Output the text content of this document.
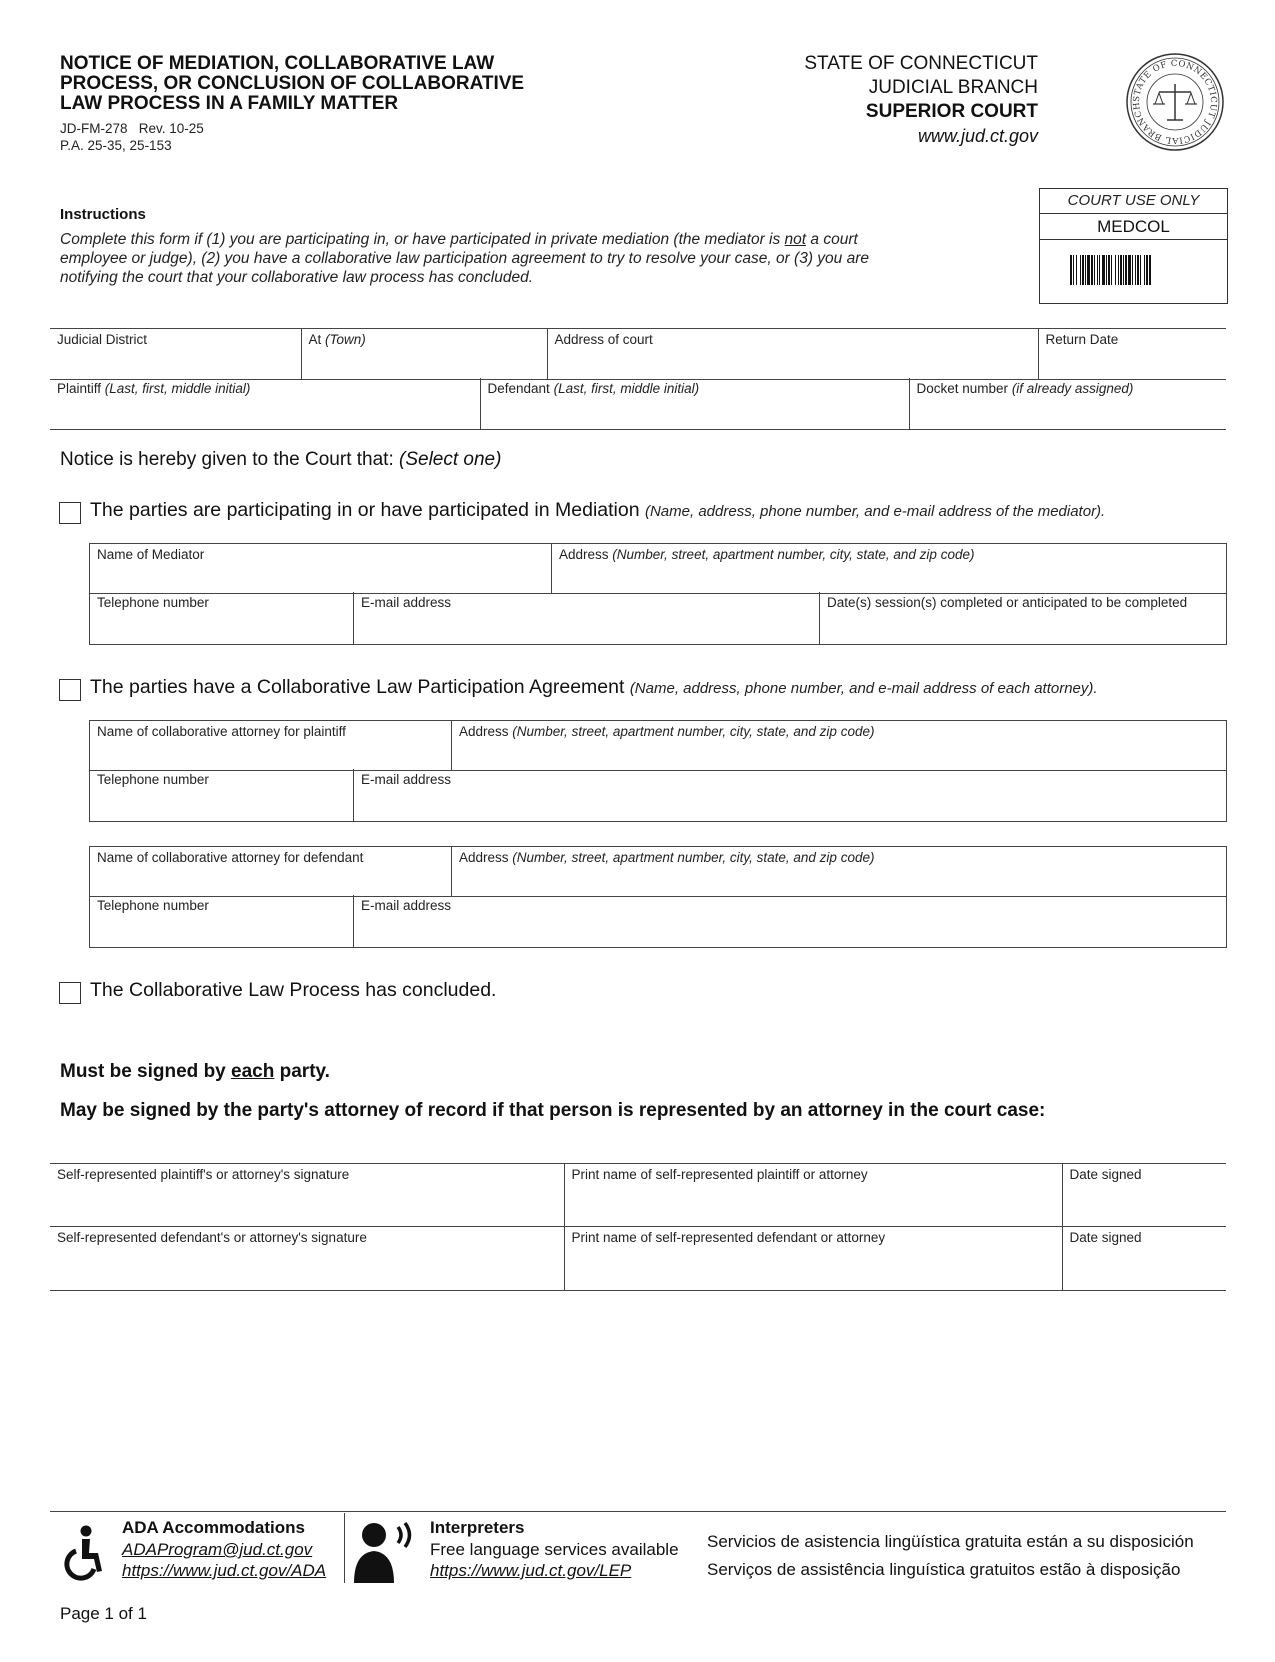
NOTICE OF MEDIATION, COLLABORATIVE LAW
PROCESS, OR CONCLUSION OF COLLABORATIVE
LAW PROCESS IN A FAMILY MATTER
JD-FM-278   Rev. 10-25
P.A. 25-35, 25-153
STATE OF CONNECTICUT
JUDICIAL BRANCH
SUPERIOR COURT
www.jud.ct.gov
STATE OF CONNECTICUT JUDICIAL BRANCH
Instructions
Complete this form if (1) you are participating in, or have participated in private mediation (the mediator is not a court employee or judge), (2) you have a collaborative law participation agreement to try to resolve your case, or (3) you are notifying the court that your collaborative law process has concluded.
COURT USE ONLY
MEDCOL
Judicial District	At (Town)	Address of court	Return Date
Plaintiff (Last, first, middle initial)	Defendant (Last, first, middle initial)	Docket number (if already assigned)
Notice is hereby given to the Court that: (Select one)
The parties are participating in or have participated in Mediation (Name, address, phone number, and e-mail address of the mediator).
Name of Mediator	Address (Number, street, apartment number, city, state, and zip code)
Telephone number	E-mail address	Date(s) session(s) completed or anticipated to be completed
The parties have a Collaborative Law Participation Agreement (Name, address, phone number, and e-mail address of each attorney).
Name of collaborative attorney for plaintiff	Address (Number, street, apartment number, city, state, and zip code)
Telephone number	E-mail address
Name of collaborative attorney for defendant	Address (Number, street, apartment number, city, state, and zip code)
Telephone number	E-mail address
The Collaborative Law Process has concluded.
Must be signed by each party.
May be signed by the party's attorney of record if that person is represented by an attorney in the court case:
Self-represented plaintiff's or attorney's signature	Print name of self-represented plaintiff or attorney	Date signed
Self-represented defendant's or attorney's signature	Print name of self-represented defendant or attorney	Date signed
ADA Accommodations
ADAProgram@jud.ct.gov
https://www.jud.ct.gov/ADA
Interpreters
Free language services available
https://www.jud.ct.gov/LEP
Servicios de asistencia lingüística gratuita están a su disposición
Serviços de assistência linguística gratuitos estão à disposição
Page 1 of 1
